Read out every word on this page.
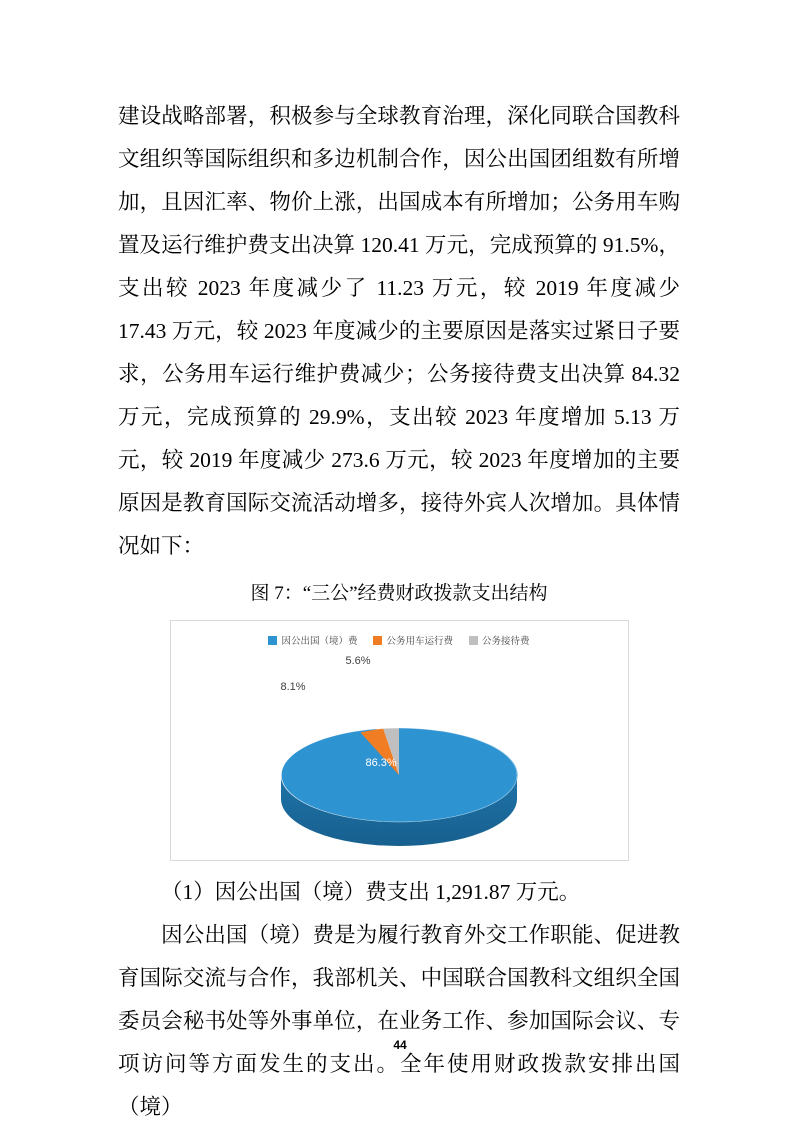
建设战略部署，积极参与全球教育治理，深化同联合国教科文组织等国际组织和多边机制合作，因公出国团组数有所增加，且因汇率、物价上涨，出国成本有所增加；公务用车购置及运行维护费支出决算 120.41 万元，完成预算的 91.5%，支出较 2023 年度减少了 11.23 万元，较 2019 年度减少 17.43 万元，较 2023 年度减少的主要原因是落实过紧日子要求，公务用车运行维护费减少；公务接待费支出决算 84.32 万元，完成预算的 29.9%，支出较 2023 年度增加 5.13 万元，较 2019 年度减少 273.6 万元，较 2023 年度增加的主要原因是教育国际交流活动增多，接待外宾人次增加。具体情况如下：
图 7：“三公”经费财政拨款支出结构
因公出国（境）费	公务用车运行费	公务接待费
8.1%
5.6%
86.3%
（1）因公出国（境）费支出 1,291.87 万元。
因公出国（境）费是为履行教育外交工作职能、促进教育国际交流与合作，我部机关、中国联合国教科文组织全国委员会秘书处等外事单位，在业务工作、参加国际会议、专项访问等方面发生的支出。全年使用财政拨款安排出国（境）
44
